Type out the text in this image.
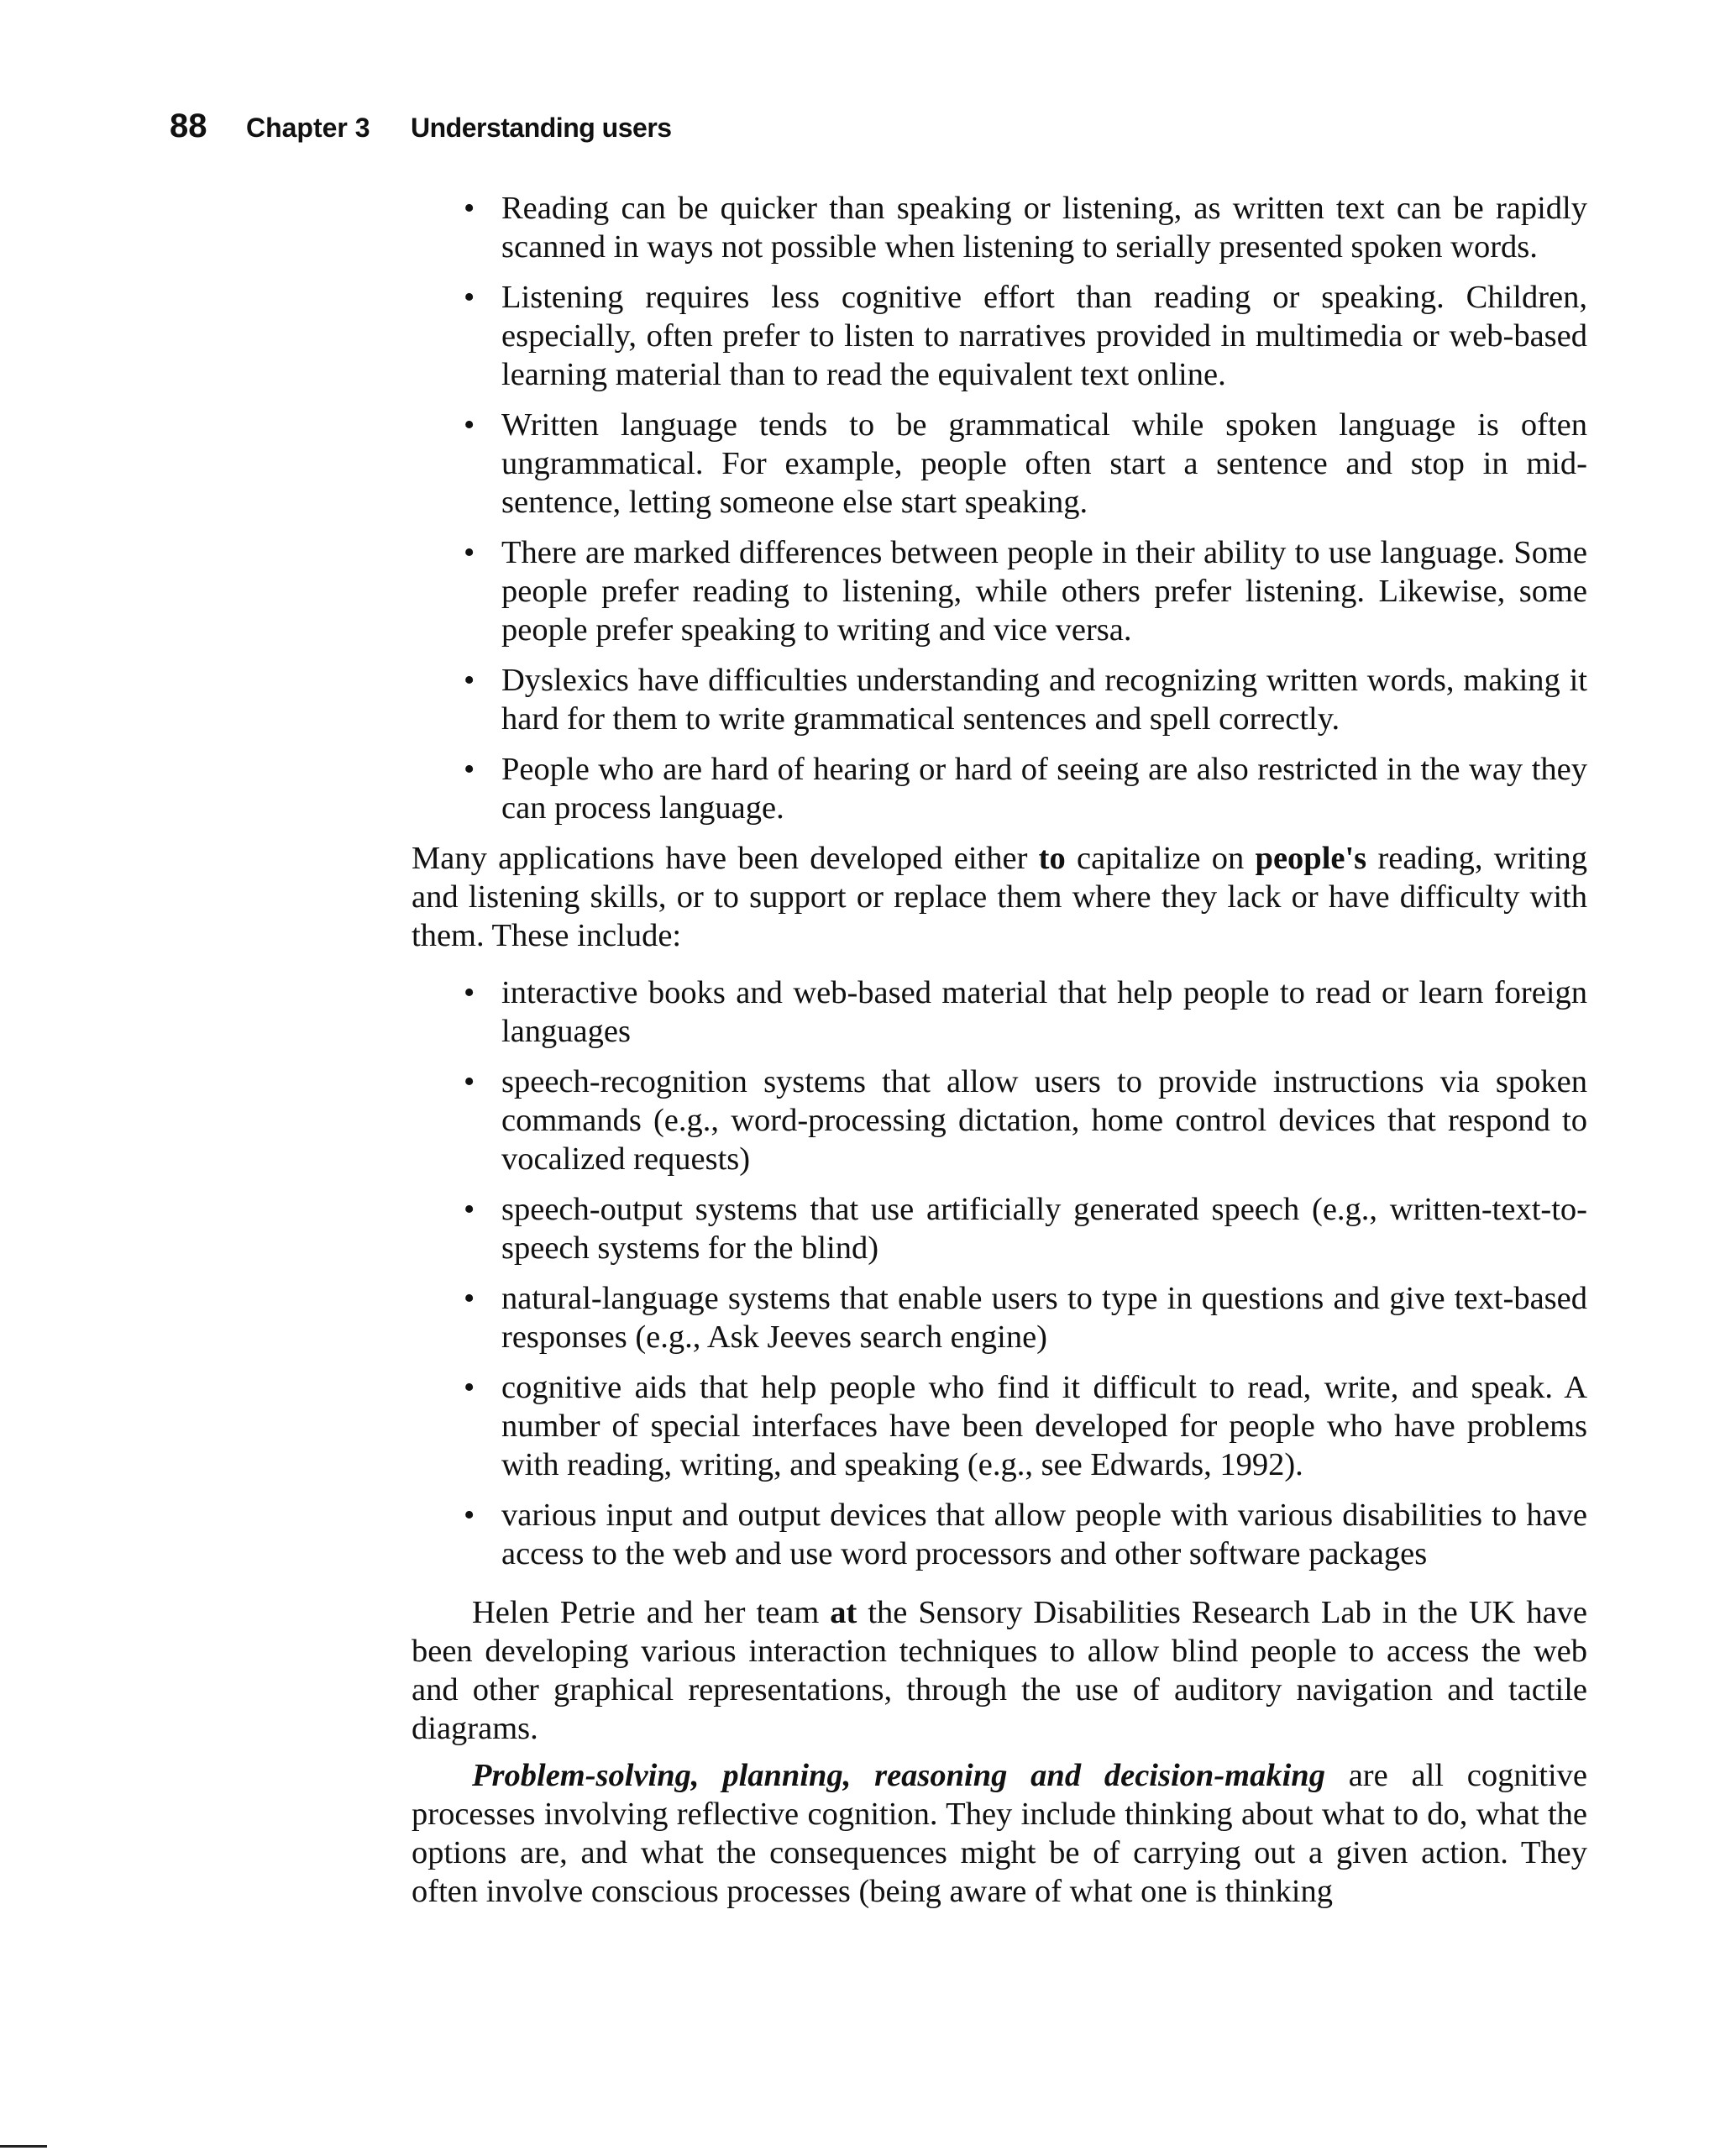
88 Chapter 3 Understanding users
• Reading can be quicker than speaking or listening, as written text can be rapidly scanned in ways not possible when listening to serially presented spoken words.
• Listening requires less cognitive effort than reading or speaking. Children, especially, often prefer to listen to narratives provided in multimedia or web-based learning material than to read the equivalent text online.
• Written language tends to be grammatical while spoken language is often ungrammatical. For example, people often start a sentence and stop in mid-sentence, letting someone else start speaking.
• There are marked differences between people in their ability to use language. Some people prefer reading to listening, while others prefer listening. Likewise, some people prefer speaking to writing and vice versa.
• Dyslexics have difficulties understanding and recognizing written words, making it hard for them to write grammatical sentences and spell correctly.
• People who are hard of hearing or hard of seeing are also restricted in the way they can process language.

Many applications have been developed either to capitalize on people's reading, writing and listening skills, or to support or replace them where they lack or have difficulty with them. These include:

• interactive books and web-based material that help people to read or learn foreign languages
• speech-recognition systems that allow users to provide instructions via spoken commands (e.g., word-processing dictation, home control devices that respond to vocalized requests)
• speech-output systems that use artificially generated speech (e.g., written-text-to-speech systems for the blind)
• natural-language systems that enable users to type in questions and give text-based responses (e.g., Ask Jeeves search engine)
• cognitive aids that help people who find it difficult to read, write, and speak. A number of special interfaces have been developed for people who have problems with reading, writing, and speaking (e.g., see Edwards, 1992).
• various input and output devices that allow people with various disabilities to have access to the web and use word processors and other software packages

Helen Petrie and her team at the Sensory Disabilities Research Lab in the UK have been developing various interaction techniques to allow blind people to access the web and other graphical representations, through the use of auditory navigation and tactile diagrams.

Problem-solving, planning, reasoning and decision-making are all cognitive processes involving reflective cognition. They include thinking about what to do, what the options are, and what the consequences might be of carrying out a given action. They often involve conscious processes (being aware of what one is thinking
